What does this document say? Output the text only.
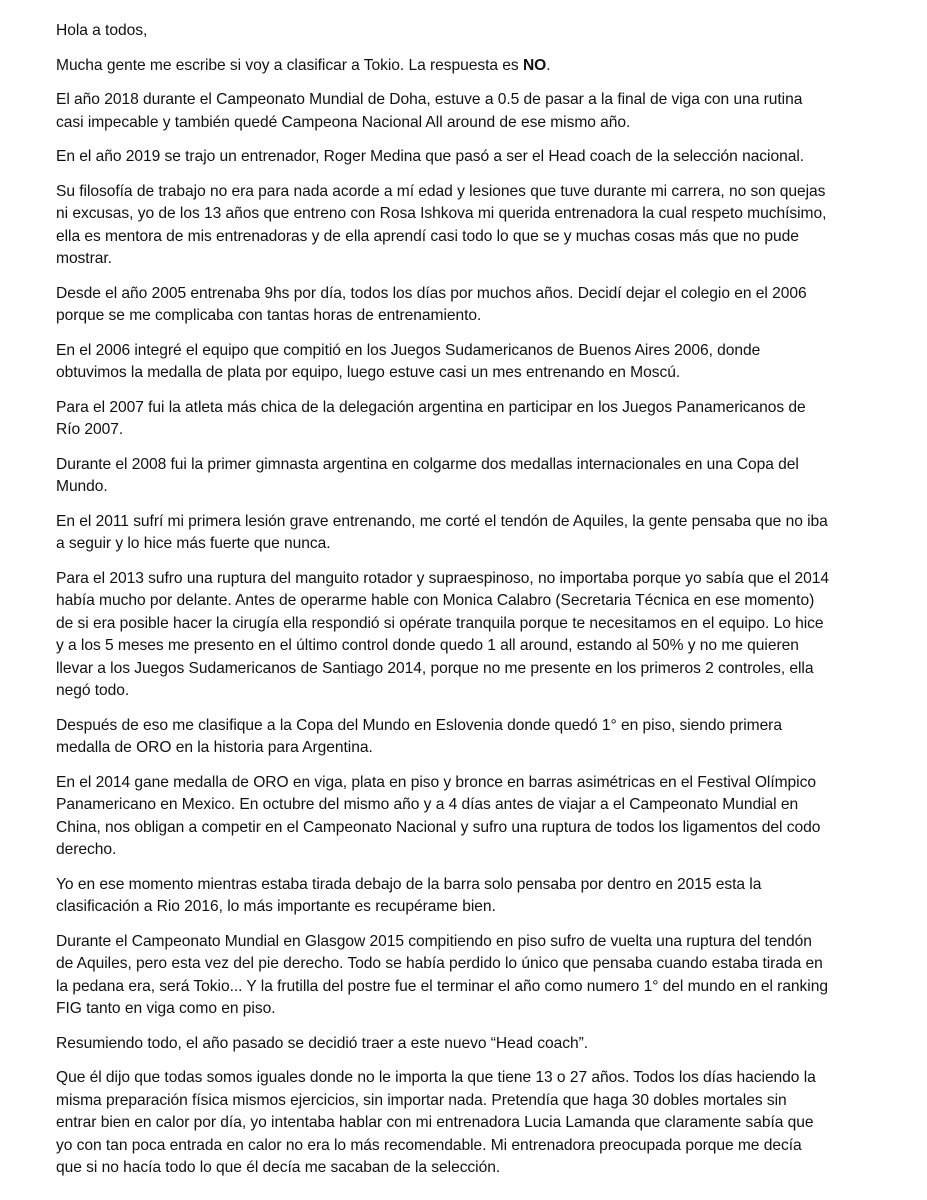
Hola a todos,

Mucha gente me escribe si voy a clasificar a Tokio. La respuesta es NO.

El año 2018 durante el Campeonato Mundial de Doha, estuve a 0.5 de pasar a la final de viga con una rutina casi impecable y también quedé Campeona Nacional All around de ese mismo año.

En el año 2019 se trajo un entrenador, Roger Medina que pasó a ser el Head coach de la selección nacional.

Su filosofía de trabajo no era para nada acorde a mí edad y lesiones que tuve durante mi carrera, no son quejas ni excusas, yo de los 13 años que entreno con Rosa Ishkova mi querida entrenadora la cual respeto muchísimo, ella es mentora de mis entrenadoras y de ella aprendí casi todo lo que se y muchas cosas más que no pude mostrar.

Desde el año 2005 entrenaba 9hs por día, todos los días por muchos años. Decidí dejar el colegio en el 2006 porque se me complicaba con tantas horas de entrenamiento.

En el 2006 integré el equipo que compitió en los Juegos Sudamericanos de Buenos Aires 2006, donde obtuvimos la medalla de plata por equipo, luego estuve casi un mes entrenando en Moscú.

Para el 2007 fui la atleta más chica de la delegación argentina en participar en los Juegos Panamericanos de Río 2007.

Durante el 2008 fui la primer gimnasta argentina en colgarme dos medallas internacionales en una Copa del Mundo.

En el 2011 sufrí mi primera lesión grave entrenando, me corté el tendón de Aquiles, la gente pensaba que no iba a seguir y lo hice más fuerte que nunca.

Para el 2013 sufro una ruptura del manguito rotador y supraespinoso, no importaba porque yo sabía que el 2014 había mucho por delante. Antes de operarme hable con Monica Calabro (Secretaria Técnica en ese momento) de si era posible hacer la cirugía ella respondió si opérate tranquila porque te necesitamos en el equipo. Lo hice y a los 5 meses me presento en el último control donde quedo 1 all around, estando al 50% y no me quieren llevar a los Juegos Sudamericanos de Santiago 2014, porque no me presente en los primeros 2 controles, ella negó todo.

Después de eso me clasifique a la Copa del Mundo en Eslovenia donde quedó 1° en piso, siendo primera medalla de ORO en la historia para Argentina.

En el 2014 gane medalla de ORO en viga, plata en piso y bronce en barras asimétricas en el Festival Olímpico Panamericano en Mexico. En octubre del mismo año y a 4 días antes de viajar a el Campeonato Mundial en China, nos obligan a competir en el Campeonato Nacional y sufro una ruptura de todos los ligamentos del codo derecho.

Yo en ese momento mientras estaba tirada debajo de la barra solo pensaba por dentro en 2015 esta la clasificación a Rio 2016, lo más importante es recupérame bien.

Durante el Campeonato Mundial en Glasgow 2015 compitiendo en piso sufro de vuelta una ruptura del tendón de Aquiles, pero esta vez del pie derecho. Todo se había perdido lo único que pensaba cuando estaba tirada en la pedana era, será Tokio... Y la frutilla del postre fue el terminar el año como numero 1° del mundo en el ranking FIG tanto en viga como en piso.

Resumiendo todo, el año pasado se decidió traer a este nuevo “Head coach”.

Que él dijo que todas somos iguales donde no le importa la que tiene 13 o 27 años. Todos los días haciendo la misma preparación física mismos ejercicios, sin importar nada. Pretendía que haga 30 dobles mortales sin entrar bien en calor por día, yo intentaba hablar con mi entrenadora Lucia Lamanda que claramente sabía que yo con tan poca entrada en calor no era lo más recomendable. Mi entrenadora preocupada porque me decía que si no hacía todo lo que él decía me sacaban de la selección.
